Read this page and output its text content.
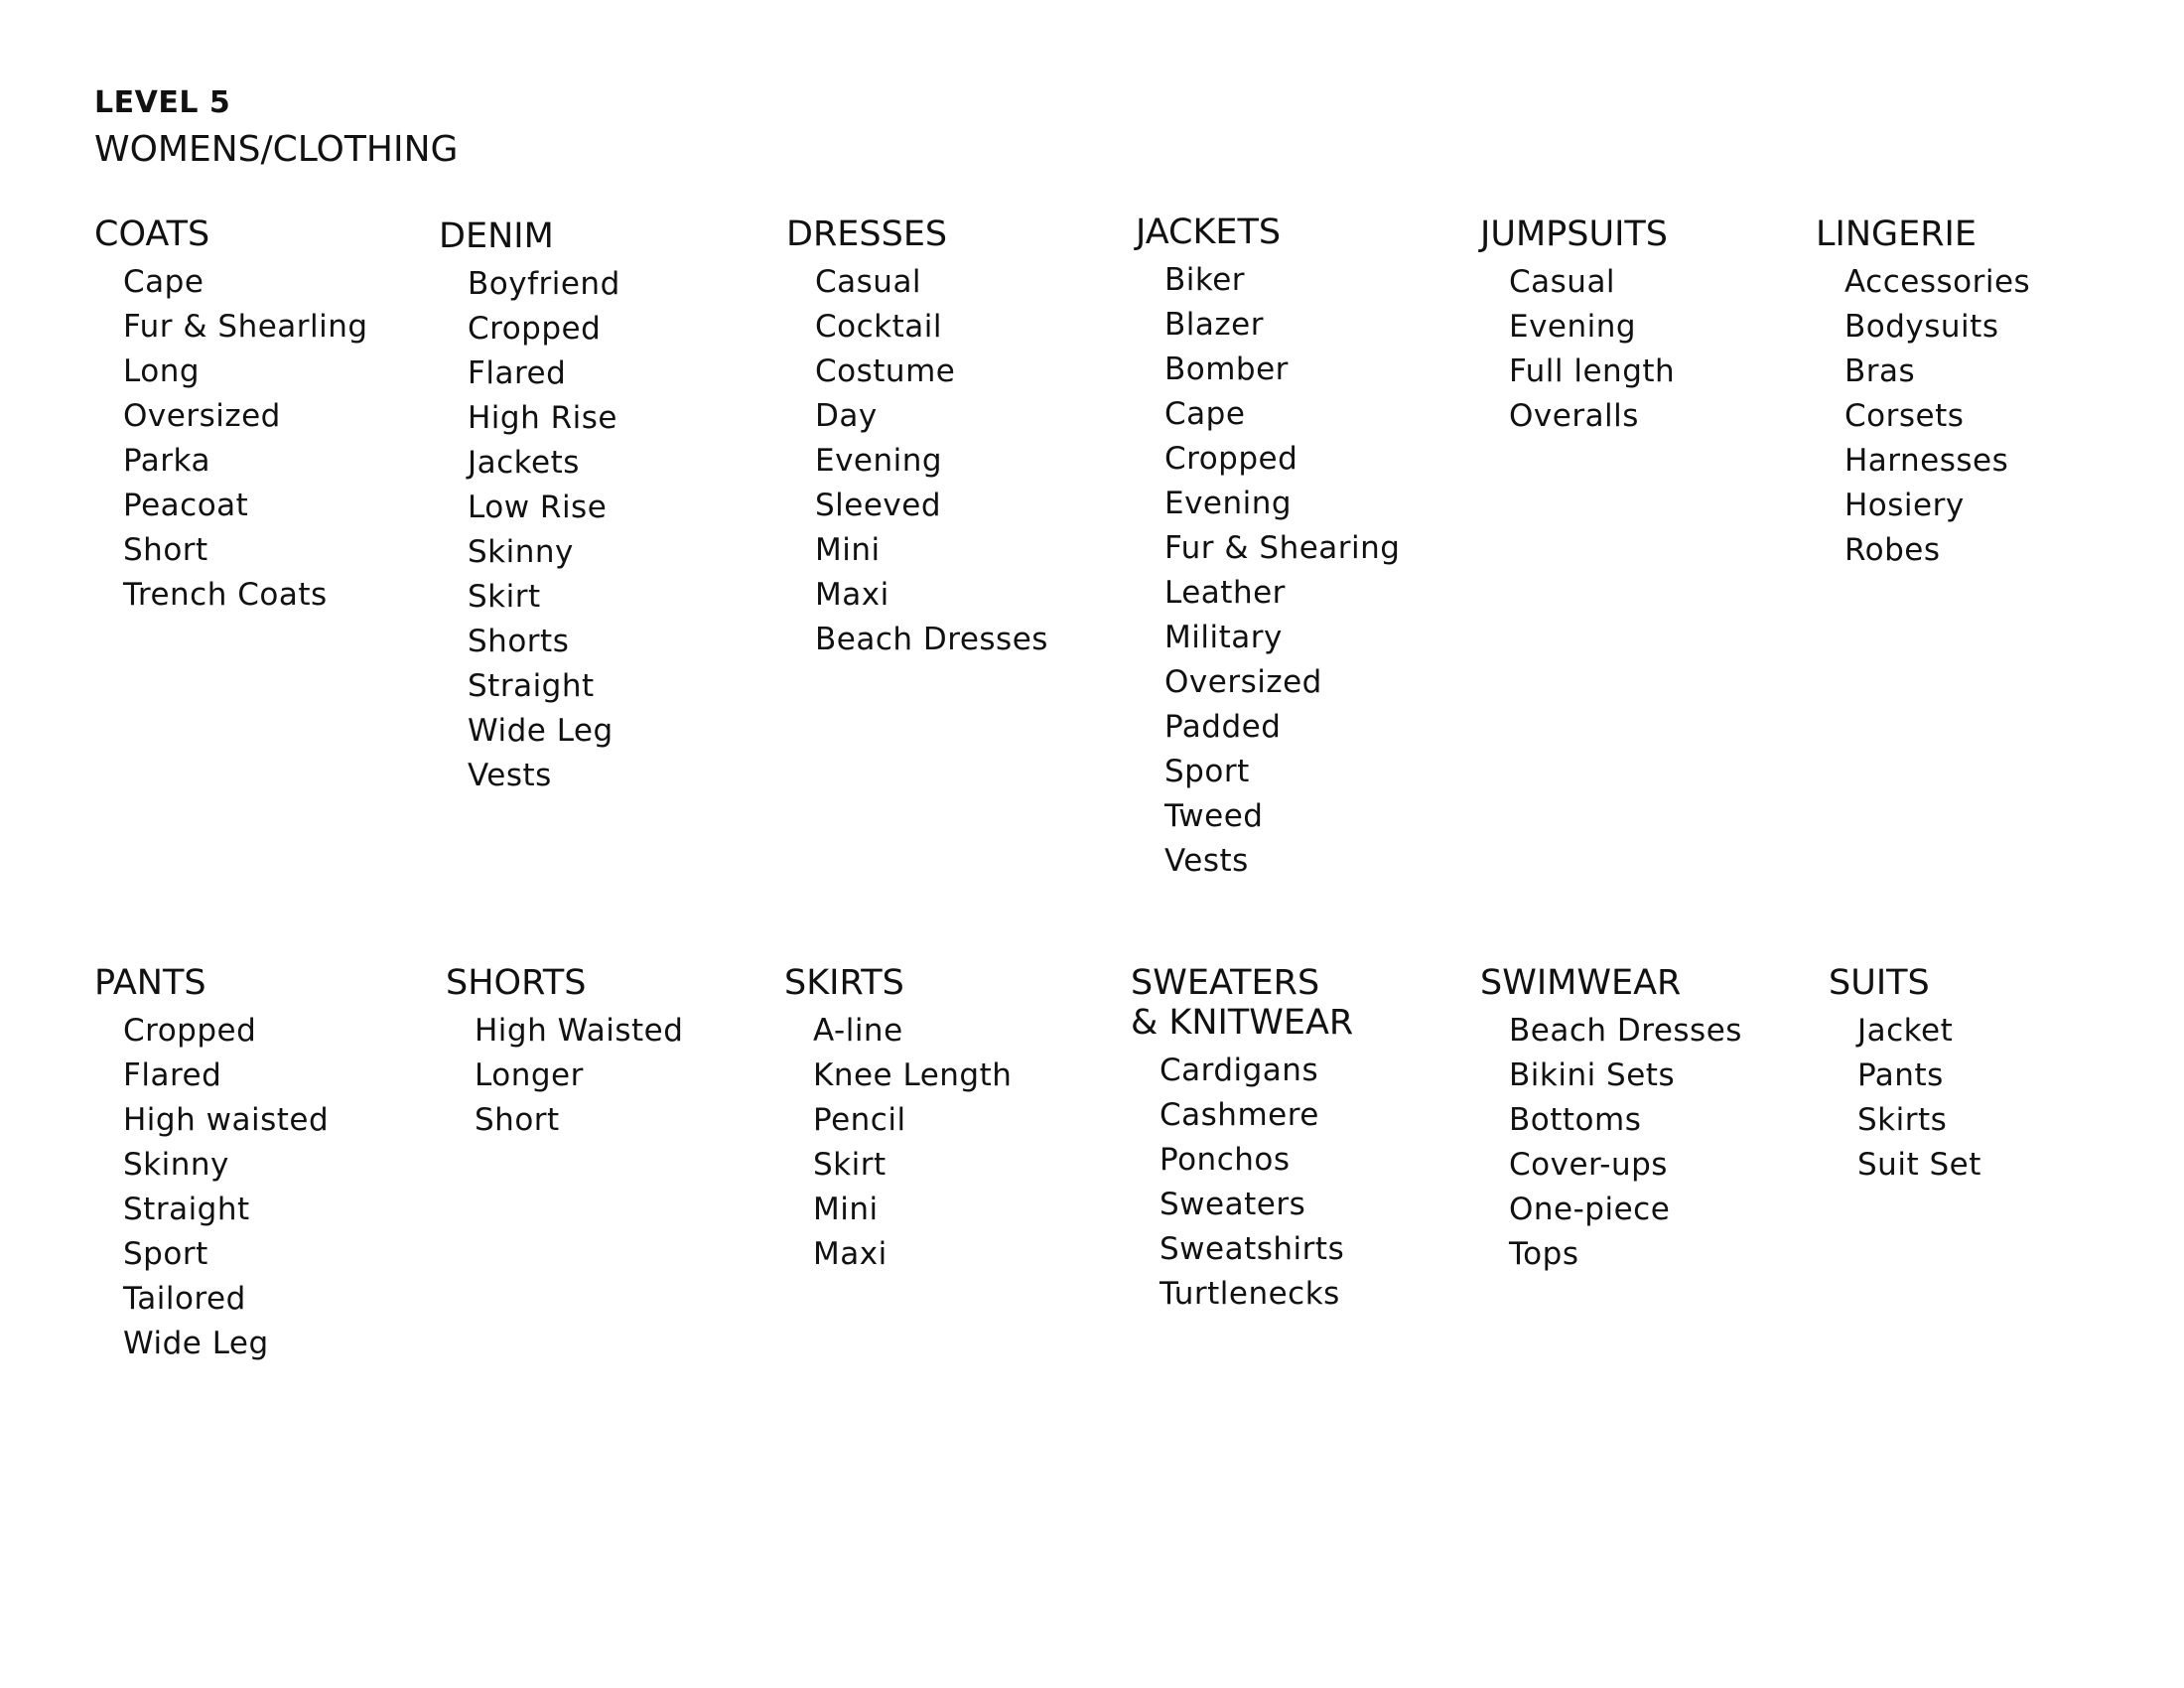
LEVEL 5
WOMENS/CLOTHING
COATS
Cape
Fur & Shearling
Long
Oversized
Parka
Peacoat
Short
Trench Coats
DENIM
Boyfriend
Cropped
Flared
High Rise
Jackets
Low Rise
Skinny
Skirt
Shorts
Straight
Wide Leg
Vests
DRESSES
Casual
Cocktail
Costume
Day
Evening
Sleeved
Mini
Maxi
Beach Dresses
JACKETS
Biker
Blazer
Bomber
Cape
Cropped
Evening
Fur & Shearing
Leather
Military
Oversized
Padded
Sport
Tweed
Vests
JUMPSUITS
Casual
Evening
Full length
Overalls
LINGERIE
Accessories
Bodysuits
Bras
Corsets
Harnesses
Hosiery
Robes
PANTS
Cropped
Flared
High waisted
Skinny
Straight
Sport
Tailored
Wide Leg
SHORTS
High Waisted
Longer
Short
SKIRTS
A-line
Knee Length
Pencil
Skirt
Mini
Maxi
SWEATERS
& KNITWEAR
Cardigans
Cashmere
Ponchos
Sweaters
Sweatshirts
Turtlenecks
SWIMWEAR
Beach Dresses
Bikini Sets
Bottoms
Cover-ups
One-piece
Tops
SUITS
Jacket
Pants
Skirts
Suit Set
